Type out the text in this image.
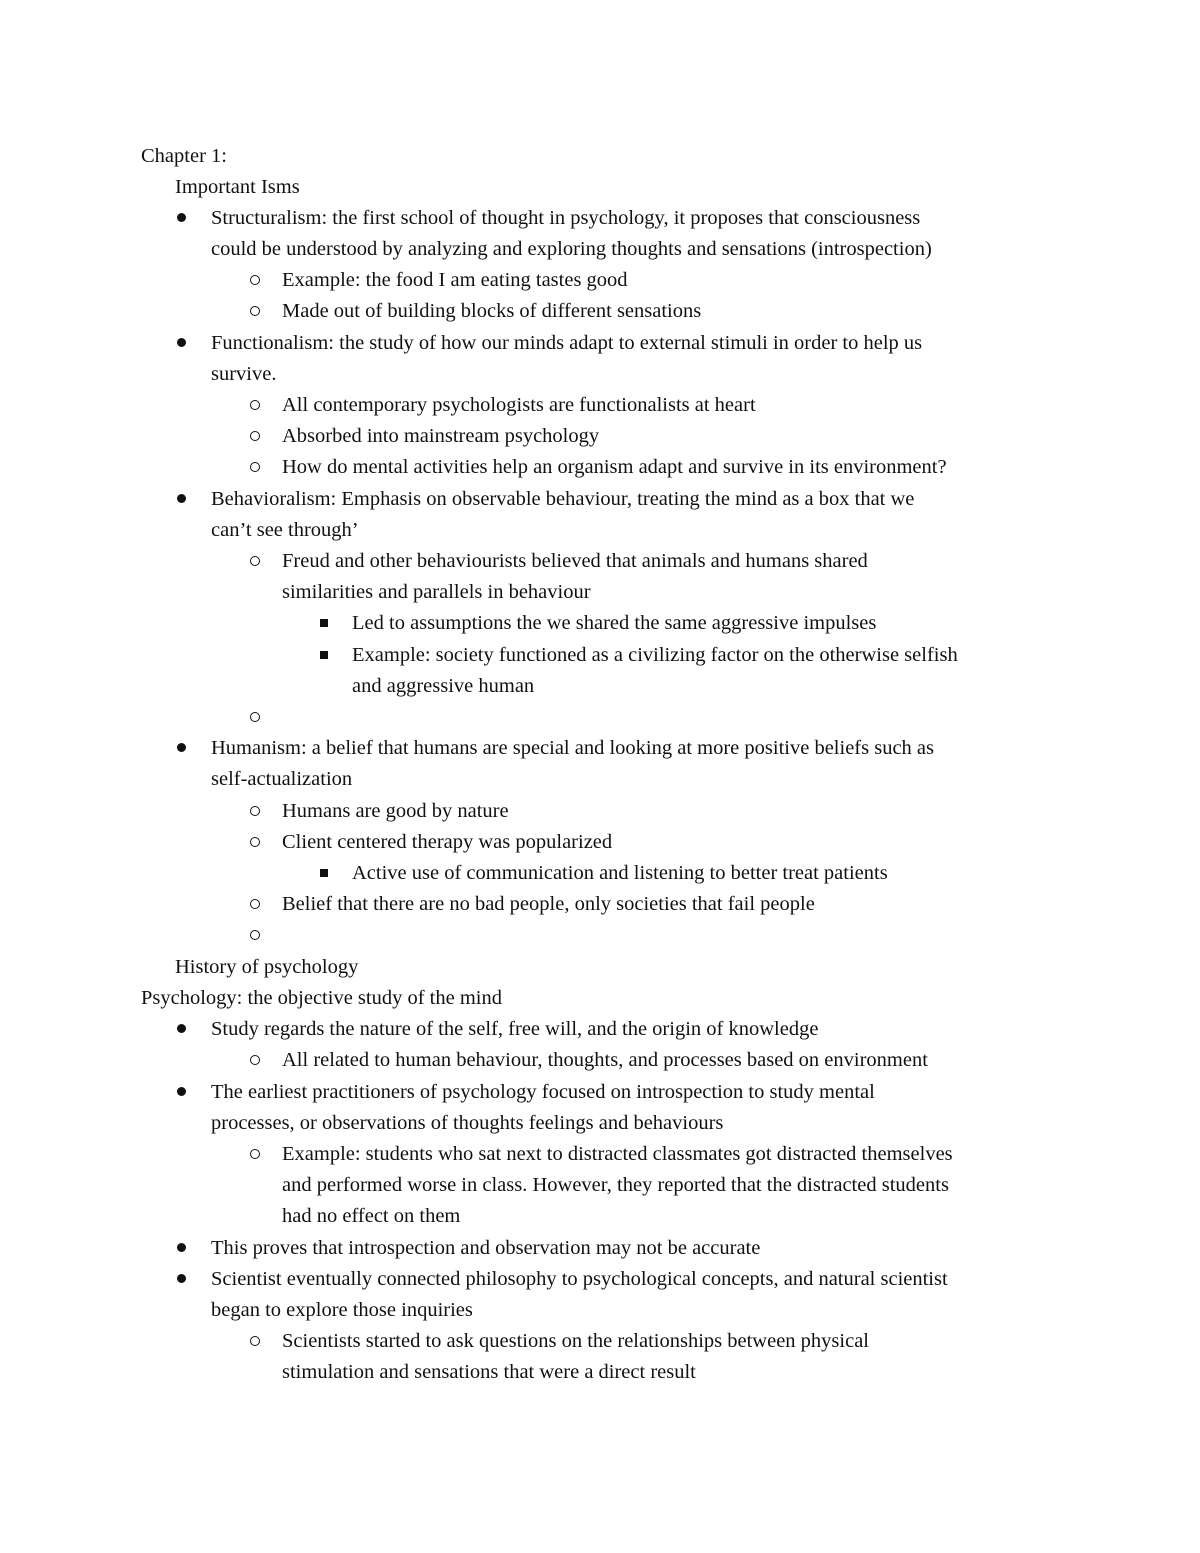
Chapter 1:
Important Isms
Structuralism: the first school of thought in psychology, it proposes that consciousness
could be understood by analyzing and exploring thoughts and sensations (introspection)
Example: the food I am eating tastes good
Made out of building blocks of different sensations
Functionalism: the study of how our minds adapt to external stimuli in order to help us
survive.
All contemporary psychologists are functionalists at heart
Absorbed into mainstream psychology
How do mental activities help an organism adapt and survive in its environment?
Behavioralism: Emphasis on observable behaviour, treating the mind as a box that we
can’t see through’
Freud and other behaviourists believed that animals and humans shared
similarities and parallels in behaviour
Led to assumptions the we shared the same aggressive impulses
Example: society functioned as a civilizing factor on the otherwise selfish
and aggressive human
Humanism: a belief that humans are special and looking at more positive beliefs such as
self-actualization
Humans are good by nature
Client centered therapy was popularized
Active use of communication and listening to better treat patients
Belief that there are no bad people, only societies that fail people
History of psychology
Psychology: the objective study of the mind
Study regards the nature of the self, free will, and the origin of knowledge
All related to human behaviour, thoughts, and processes based on environment
The earliest practitioners of psychology focused on introspection to study mental
processes, or observations of thoughts feelings and behaviours
Example: students who sat next to distracted classmates got distracted themselves
and performed worse in class. However, they reported that the distracted students
had no effect on them
This proves that introspection and observation may not be accurate
Scientist eventually connected philosophy to psychological concepts, and natural scientist
began to explore those inquiries
Scientists started to ask questions on the relationships between physical
stimulation and sensations that were a direct result
